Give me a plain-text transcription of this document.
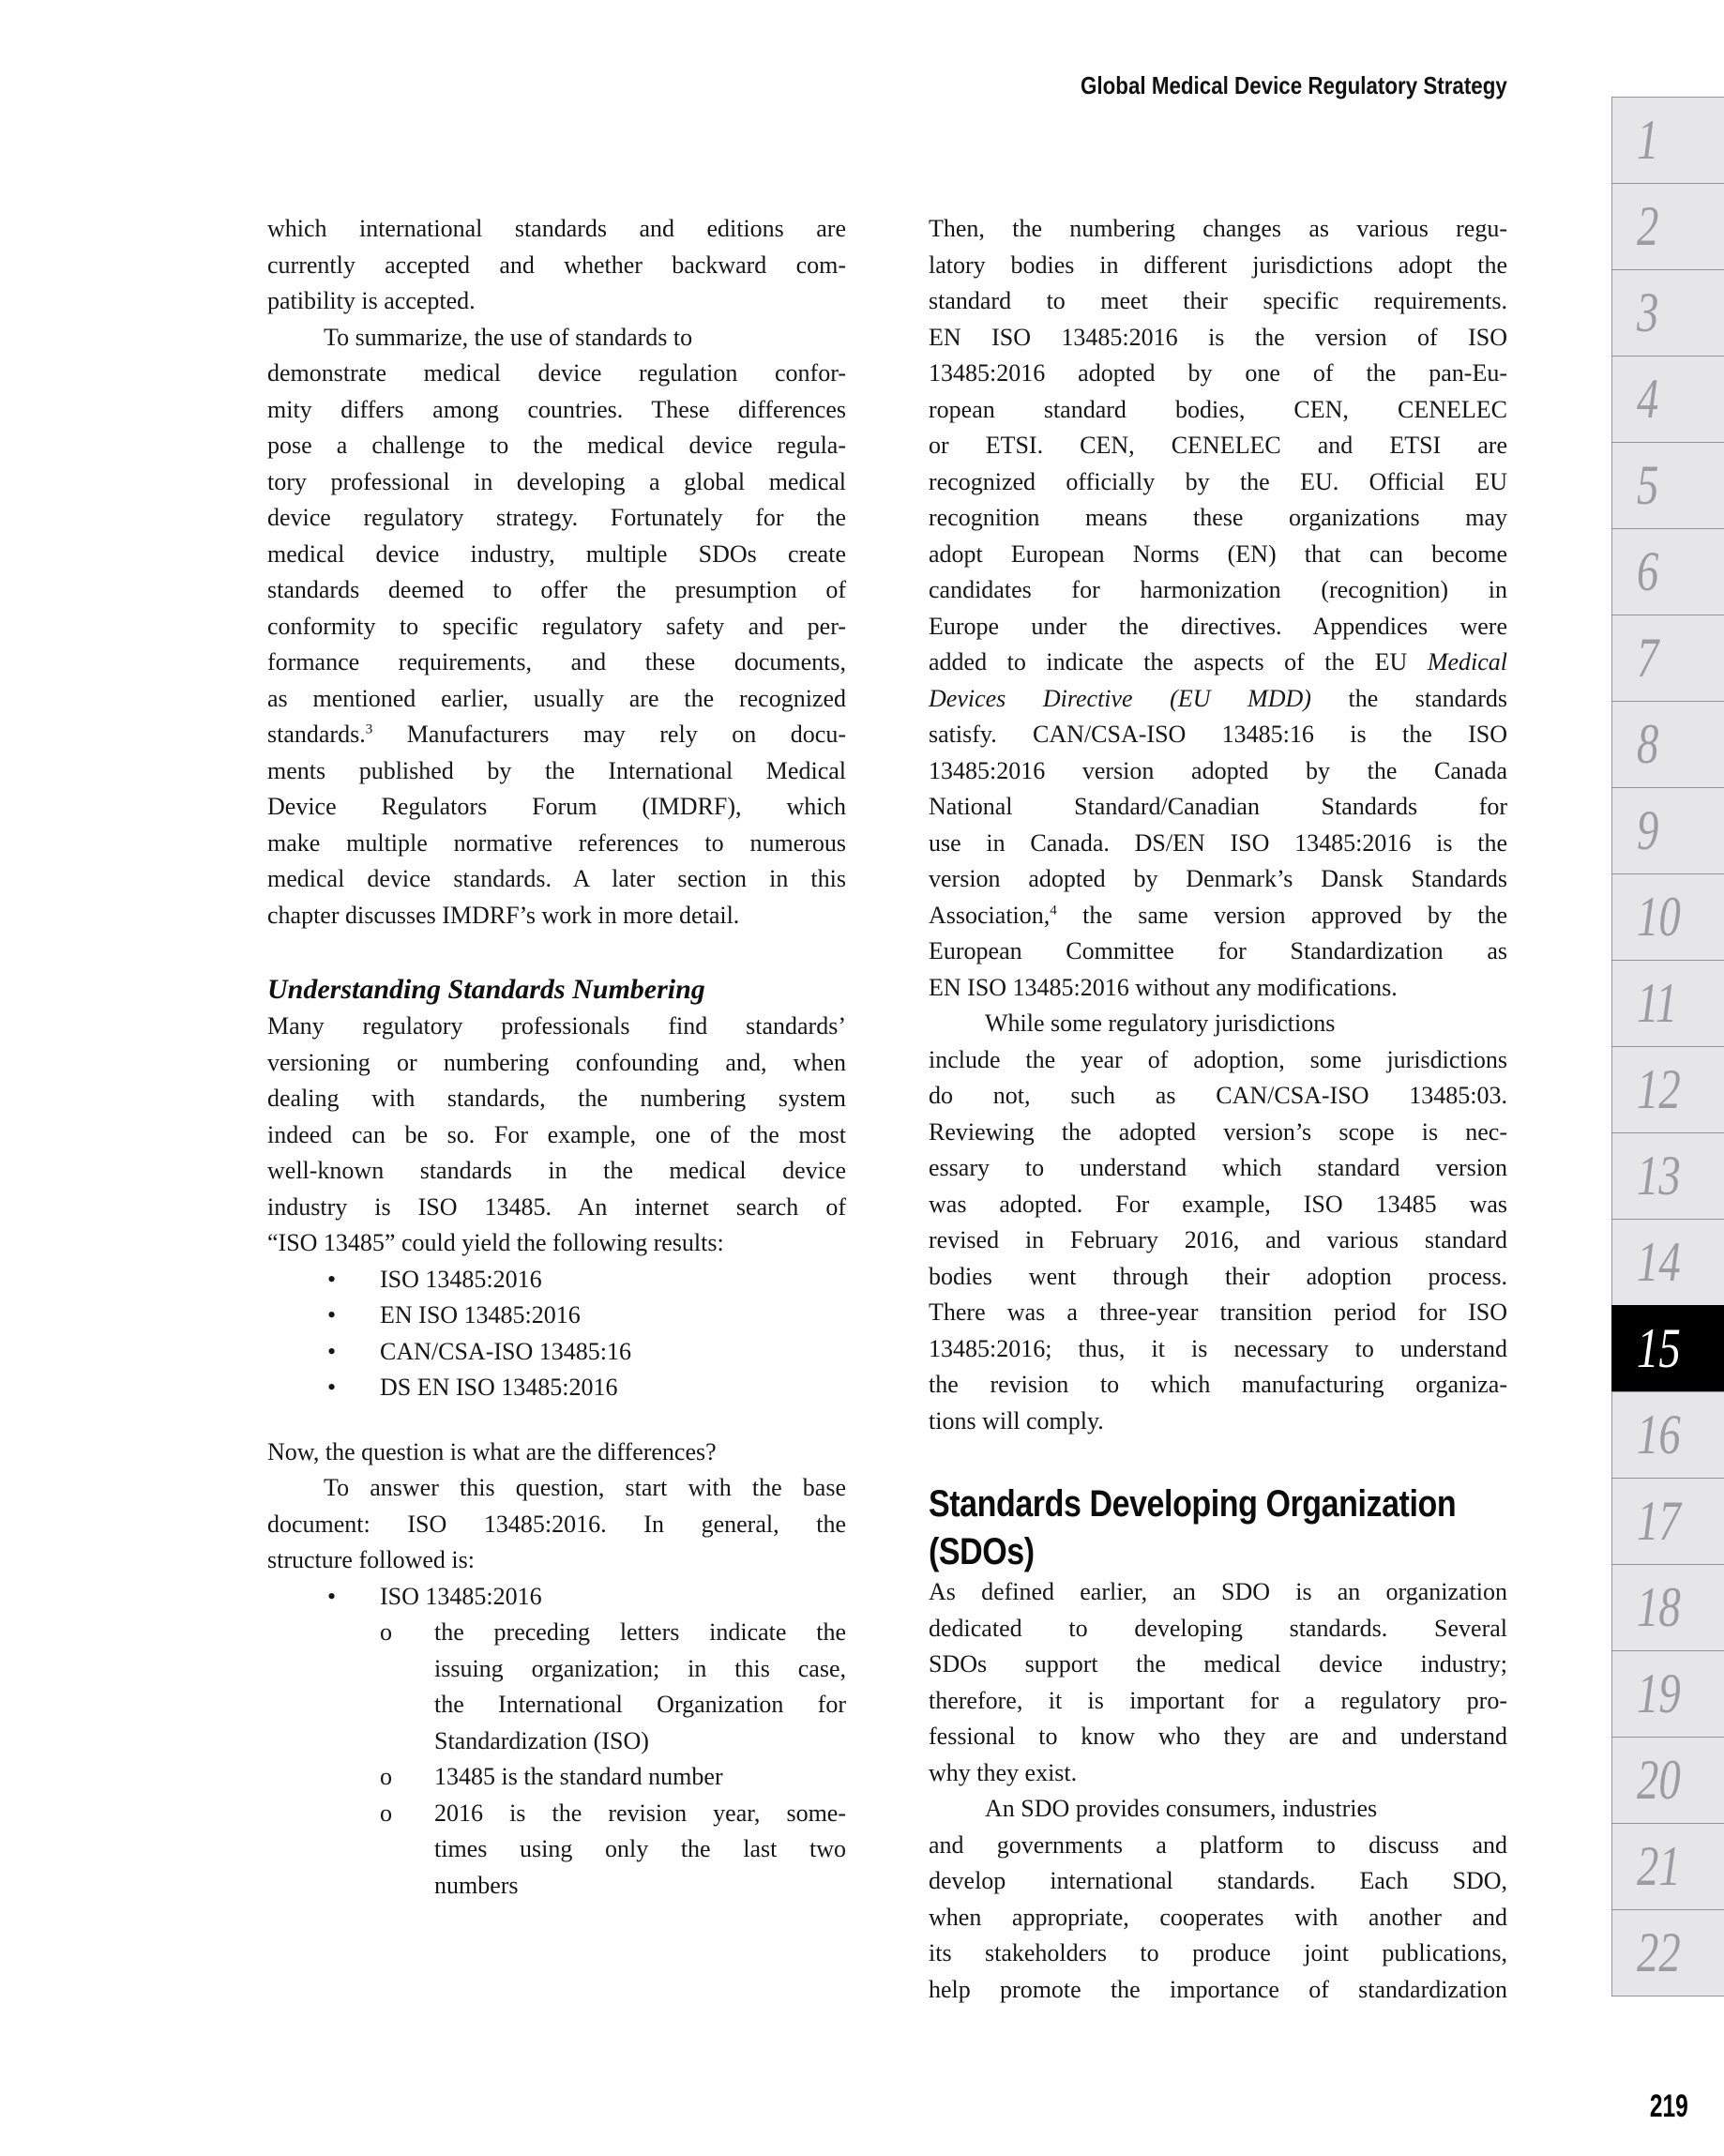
Global Medical Device Regulatory Strategy
which international standards and editions are
currently accepted and whether backward com-
patibility is accepted.
To summarize, the use of standards to
demonstrate medical device regulation confor-
mity differs among countries. These differences
pose a challenge to the medical device regula-
tory professional in developing a global medical
device regulatory strategy. Fortunately for the
medical device industry, multiple SDOs create
standards deemed to offer the presumption of
conformity to specific regulatory safety and per-
formance requirements, and these documents,
as mentioned earlier, usually are the recognized
standards.$^3$ Manufacturers may rely on docu-
ments published by the International Medical
Device Regulators Forum (IMDRF), which
make multiple normative references to numerous
medical device standards. A later section in this
chapter discusses IMDRF’s work in more detail.
Understanding Standards Numbering
Many regulatory professionals find standards’
versioning or numbering confounding and, when
dealing with standards, the numbering system
indeed can be so. For example, one of the most
well-known standards in the medical device
industry is ISO 13485. An internet search of
“ISO 13485” could yield the following results:
•	ISO 13485:2016
•	EN ISO 13485:2016
•	CAN/CSA-ISO 13485:16
•	DS EN ISO 13485:2016
Now, the question is what are the differences?
To answer this question, start with the base
document: ISO 13485:2016. In general, the
structure followed is:
•	ISO 13485:2016
o	the preceding letters indicate the
issuing organization; in this case,
the International Organization for
Standardization (ISO)
o	13485 is the standard number
o	2016 is the revision year, some-
times using only the last two
numbers
Then, the numbering changes as various regu-
latory bodies in different jurisdictions adopt the
standard to meet their specific requirements.
EN ISO 13485:2016 is the version of ISO
13485:2016 adopted by one of the pan-Eu-
ropean standard bodies, CEN, CENELEC
or ETSI. CEN, CENELEC and ETSI are
recognized officially by the EU. Official EU
recognition means these organizations may
adopt European Norms (EN) that can become
candidates for harmonization (recognition) in
Europe under the directives. Appendices were
added to indicate the aspects of the EU Medical
Devices Directive (EU MDD) the standards
satisfy. CAN/CSA-ISO 13485:16 is the ISO
13485:2016 version adopted by the Canada
National Standard/Canadian Standards for
use in Canada. DS/EN ISO 13485:2016 is the
version adopted by Denmark’s Dansk Standards
Association,$^4$ the same version approved by the
European Committee for Standardization as
EN ISO 13485:2016 without any modifications.
While some regulatory jurisdictions
include the year of adoption, some jurisdictions
do not, such as CAN/CSA-ISO 13485:03.
Reviewing the adopted version’s scope is nec-
essary to understand which standard version
was adopted. For example, ISO 13485 was
revised in February 2016, and various standard
bodies went through their adoption process.
There was a three-year transition period for ISO
13485:2016; thus, it is necessary to understand
the revision to which manufacturing organiza-
tions will comply.
Standards Developing Organization
(SDOs)
As defined earlier, an SDO is an organization
dedicated to developing standards. Several
SDOs support the medical device industry;
therefore, it is important for a regulatory pro-
fessional to know who they are and understand
why they exist.
An SDO provides consumers, industries
and governments a platform to discuss and
develop international standards. Each SDO,
when appropriate, cooperates with another and
its stakeholders to produce joint publications,
help promote the importance of standardization
1
2
3
4
5
6
7
8
9
10
11
12
13
14
15
16
17
18
19
20
21
22
219
